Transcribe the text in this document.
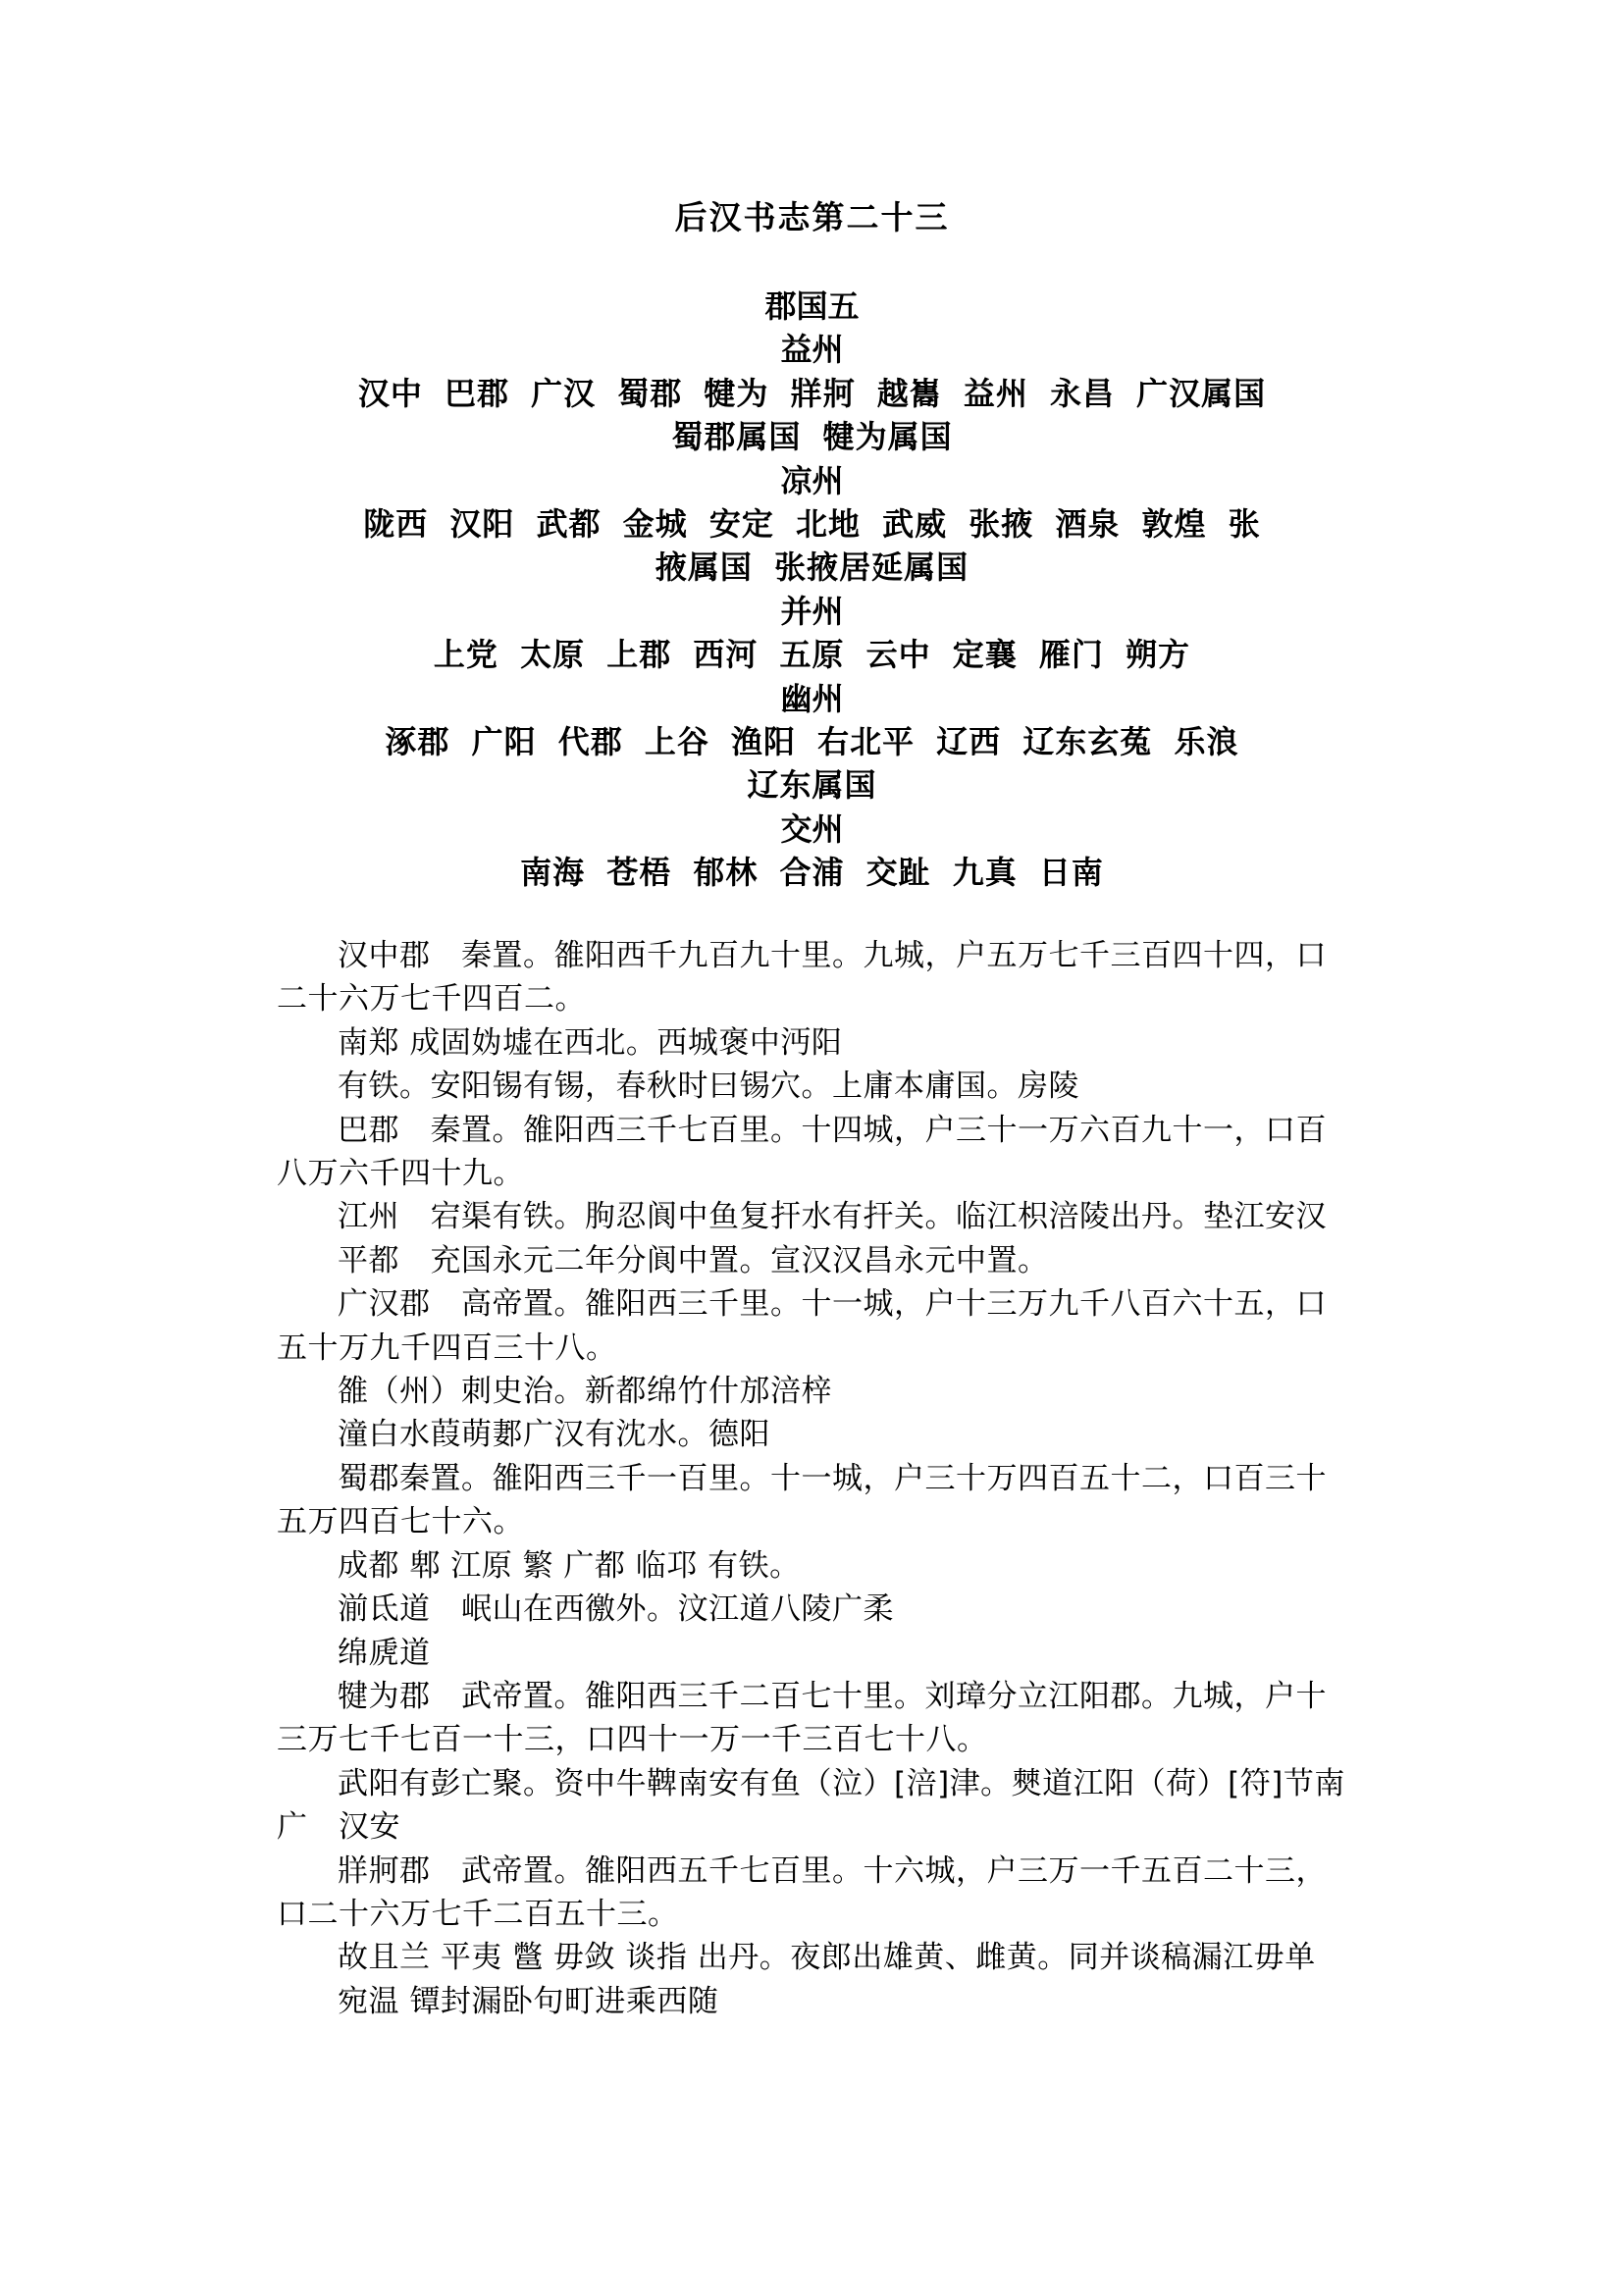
后汉书志第二十三
郡国五
益州
汉中 巴郡 广汉 蜀郡 犍为 牂牁 越巂 益州 永昌 广汉属国
蜀郡属国 犍为属国
凉州
陇西 汉阳 武都 金城 安定 北地 武威 张掖 酒泉 敦煌 张
掖属国 张掖居延属国
并州
上党 太原 上郡 西河 五原 云中 定襄 雁门 朔方
幽州
涿郡 广阳 代郡 上谷 渔阳 右北平 辽西 辽东玄菟 乐浪
辽东属国
交州
南海 苍梧 郁林 合浦 交趾 九真 日南

汉中郡　秦置。雒阳西千九百九十里。九城，户五万七千三百四十四，口二十六万七千四百二。

南郑 成固妫墟在西北。西城褒中沔阳

有铁。安阳锡有锡，春秋时曰锡穴。上庸本庸国。房陵

巴郡　秦置。雒阳西三千七百里。十四城，户三十一万六百九十一，口百八万六千四十九。

江州　宕渠有铁。朐忍阆中鱼复扞水有扞关。临江枳涪陵出丹。垫江安汉

平都　充国永元二年分阆中置。宣汉汉昌永元中置。

广汉郡　高帝置。雒阳西三千里。十一城，户十三万九千八百六十五，口五十万九千四百三十八。

雒（州）刺史治。新都绵竹什邡涪梓

潼白水葭萌郪广汉有沈水。德阳

蜀郡秦置。雒阳西三千一百里。十一城，户三十万四百五十二，口百三十五万四百七十六。

成都 郫 江原 繁 广都 临邛 有铁。

湔氐道　岷山在西徼外。汶江道八陵广柔

绵虒道

犍为郡　武帝置。雒阳西三千二百七十里。刘璋分立江阳郡。九城，户十三万七千七百一十三，口四十一万一千三百七十八。

武阳有彭亡聚。资中牛鞞南安有鱼（泣）[涪]津。僰道江阳（荷）[符]节南广　汉安

牂牁郡　武帝置。雒阳西五千七百里。十六城，户三万一千五百二十三，口二十六万七千二百五十三。

故且兰 平夷 鄨 毋敛 谈指 出丹。夜郎出雄黄、雌黄。同并谈稿漏江毋单

宛温 镡封漏卧句町进乘西随
